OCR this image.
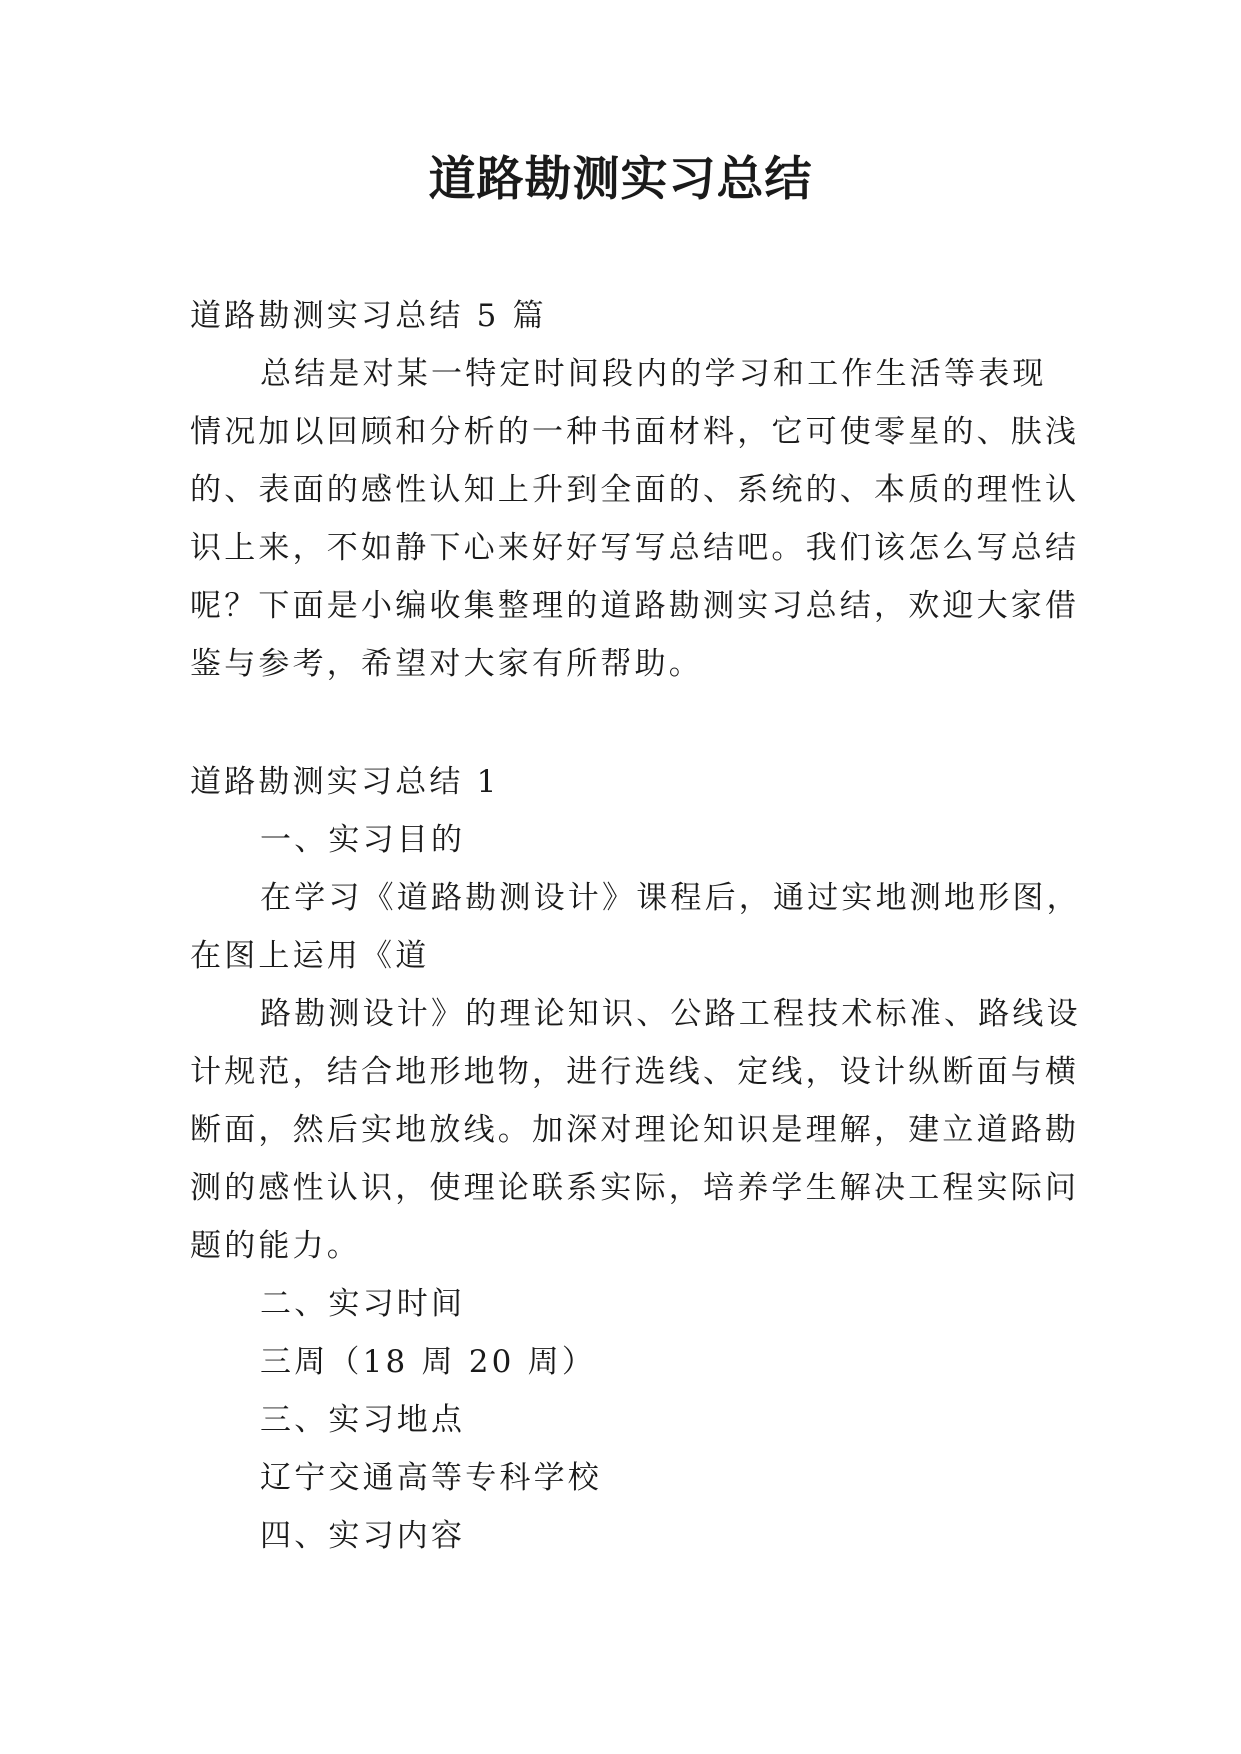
道路勘测实习总结
道路勘测实习总结 5 篇
总结是对某一特定时间段内的学习和工作生活等表现
情况加以回顾和分析的一种书面材料，它可使零星的、肤浅
的、表面的感性认知上升到全面的、系统的、本质的理性认
识上来，不如静下心来好好写写总结吧。我们该怎么写总结
呢？下面是小编收集整理的道路勘测实习总结，欢迎大家借
鉴与参考，希望对大家有所帮助。
道路勘测实习总结 1
一、实习目的
在学习《道路勘测设计》课程后，通过实地测地形图，
在图上运用《道
路勘测设计》的理论知识、公路工程技术标准、路线设
计规范，结合地形地物，进行选线、定线，设计纵断面与横
断面，然后实地放线。加深对理论知识是理解，建立道路勘
测的感性认识，使理论联系实际，培养学生解决工程实际问
题的能力。
二、实习时间
三周（18 周 20 周）
三、实习地点
辽宁交通高等专科学校
四、实习内容
